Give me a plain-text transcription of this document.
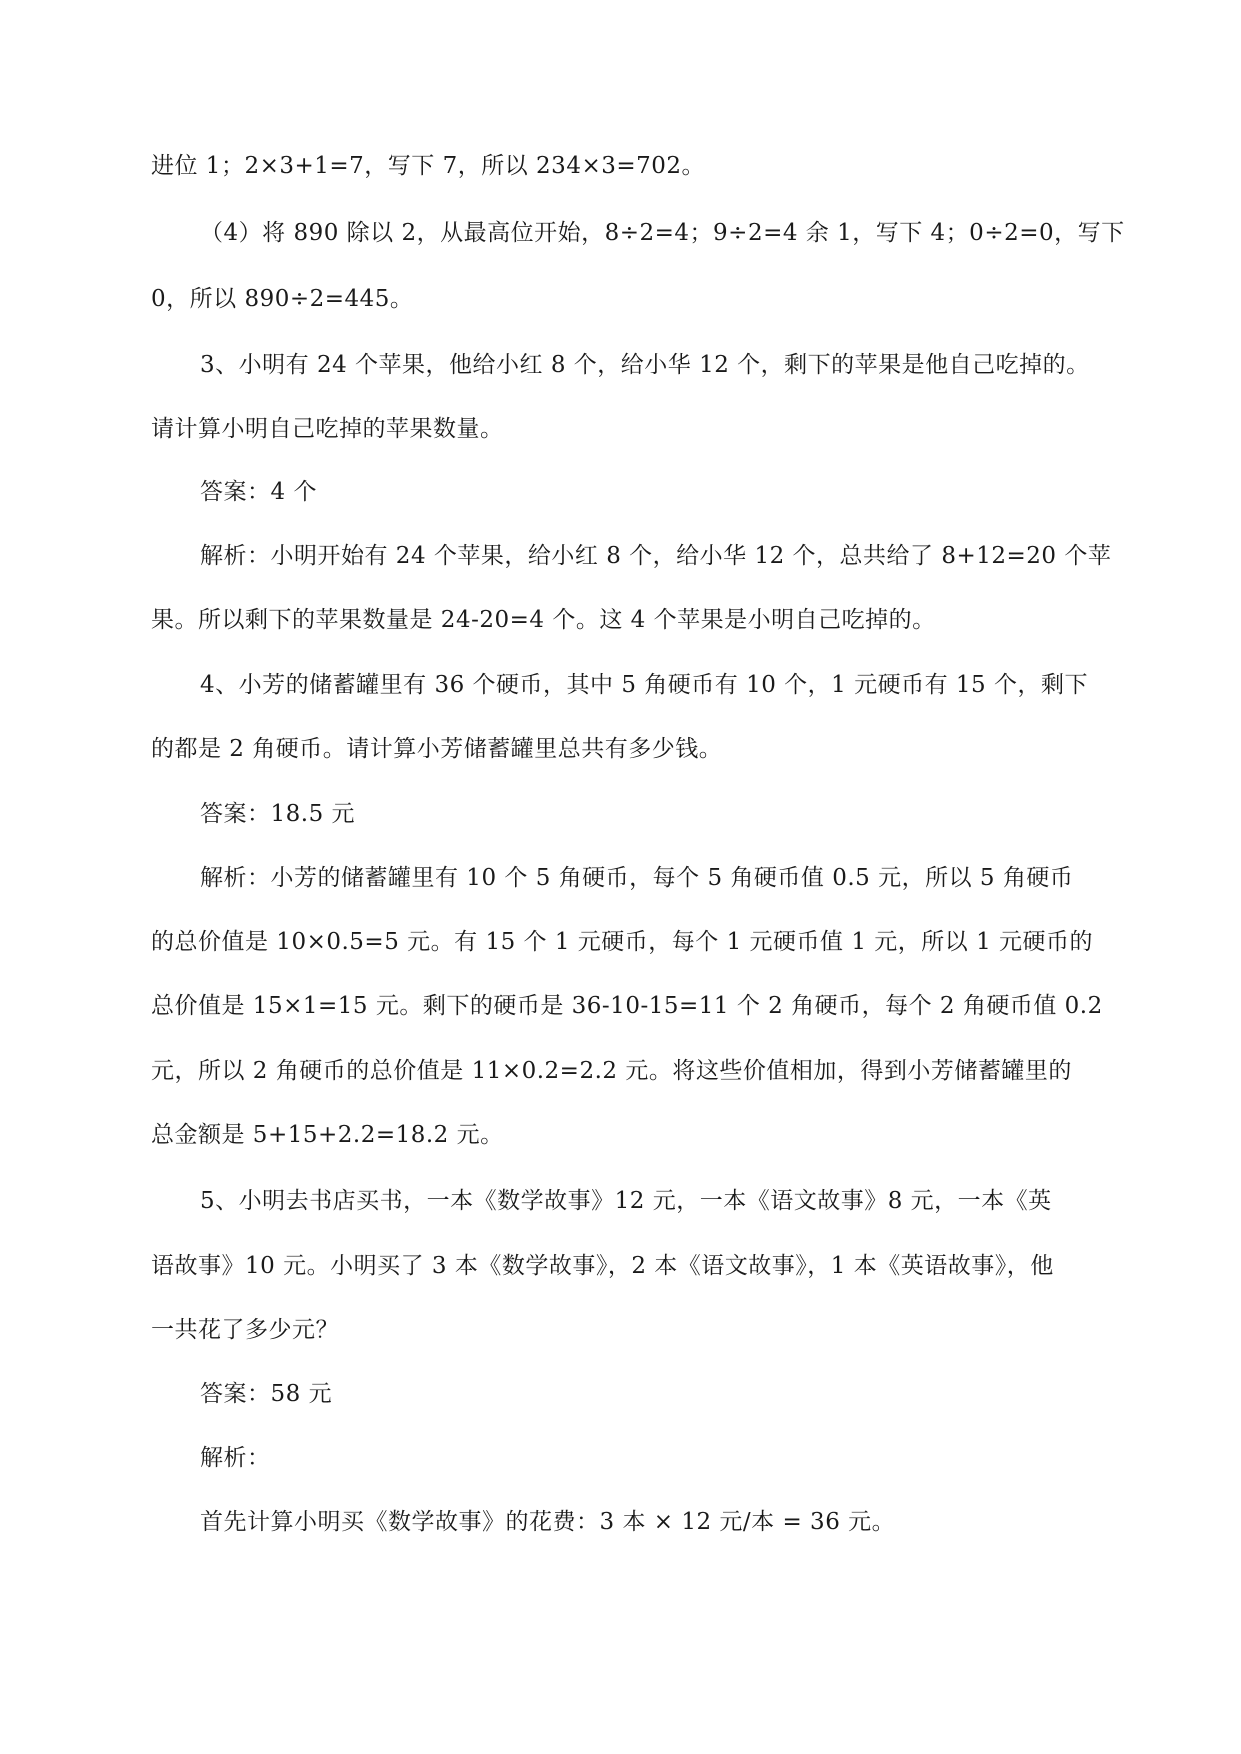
进位 1；2×3+1=7，写下 7，所以 234×3=702。
（4）将 890 除以 2，从最高位开始，8÷2=4；9÷2=4 余 1，写下 4；0÷2=0，写下
0，所以 890÷2=445。
3、小明有 24 个苹果，他给小红 8 个，给小华 12 个，剩下的苹果是他自己吃掉的。
请计算小明自己吃掉的苹果数量。
答案：4 个
解析：小明开始有 24 个苹果，给小红 8 个，给小华 12 个，总共给了 8+12=20 个苹
果。所以剩下的苹果数量是 24-20=4 个。这 4 个苹果是小明自己吃掉的。
4、小芳的储蓄罐里有 36 个硬币，其中 5 角硬币有 10 个，1 元硬币有 15 个，剩下
的都是 2 角硬币。请计算小芳储蓄罐里总共有多少钱。
答案：18.5 元
解析：小芳的储蓄罐里有 10 个 5 角硬币，每个 5 角硬币值 0.5 元，所以 5 角硬币
的总价值是 10×0.5=5 元。有 15 个 1 元硬币，每个 1 元硬币值 1 元，所以 1 元硬币的
总价值是 15×1=15 元。剩下的硬币是 36-10-15=11 个 2 角硬币，每个 2 角硬币值 0.2
元，所以 2 角硬币的总价值是 11×0.2=2.2 元。将这些价值相加，得到小芳储蓄罐里的
总金额是 5+15+2.2=18.2 元。
5、小明去书店买书，一本《数学故事》12 元，一本《语文故事》8 元，一本《英
语故事》10 元。小明买了 3 本《数学故事》，2 本《语文故事》，1 本《英语故事》，他
一共花了多少元？
答案：58 元
解析：
首先计算小明买《数学故事》的花费：3 本 × 12 元/本 = 36 元。
